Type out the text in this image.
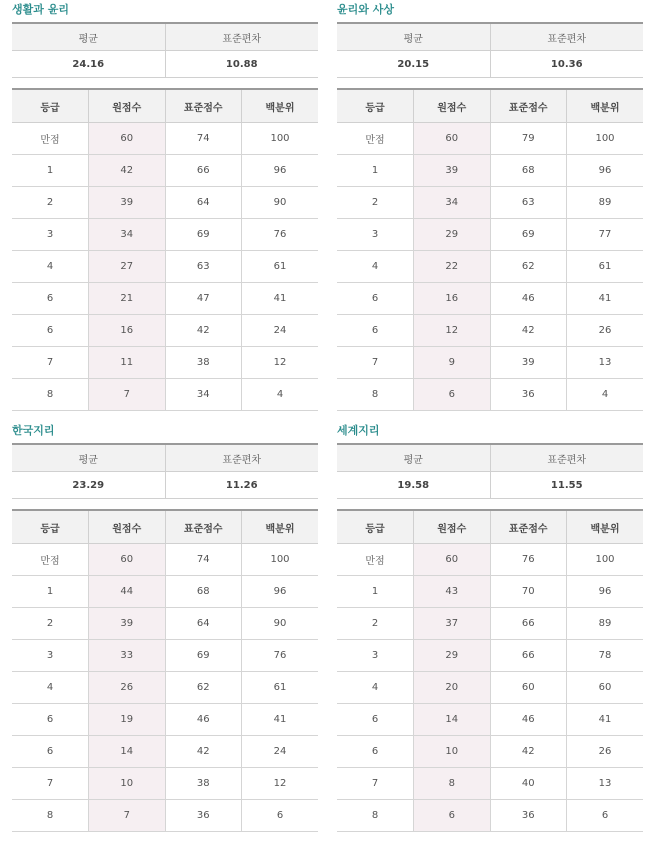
생활과 윤리
평균	표준편차
24.16	10.88
등급	원점수	표준점수	백분위
만점	60	74	100
1	42	66	96
2	39	64	90
3	34	69	76
4	27	63	61
6	21	47	41
6	16	42	24
7	11	38	12
8	7	34	4
윤리와 사상
평균	표준편차
20.15	10.36
등급	원점수	표준점수	백분위
만점	60	79	100
1	39	68	96
2	34	63	89
3	29	69	77
4	22	62	61
6	16	46	41
6	12	42	26
7	9	39	13
8	6	36	4
한국지리
평균	표준편차
23.29	11.26
등급	원점수	표준점수	백분위
만점	60	74	100
1	44	68	96
2	39	64	90
3	33	69	76
4	26	62	61
6	19	46	41
6	14	42	24
7	10	38	12
8	7	36	6
세계지리
평균	표준편차
19.58	11.55
등급	원점수	표준점수	백분위
만점	60	76	100
1	43	70	96
2	37	66	89
3	29	66	78
4	20	60	60
6	14	46	41
6	10	42	26
7	8	40	13
8	6	36	6
